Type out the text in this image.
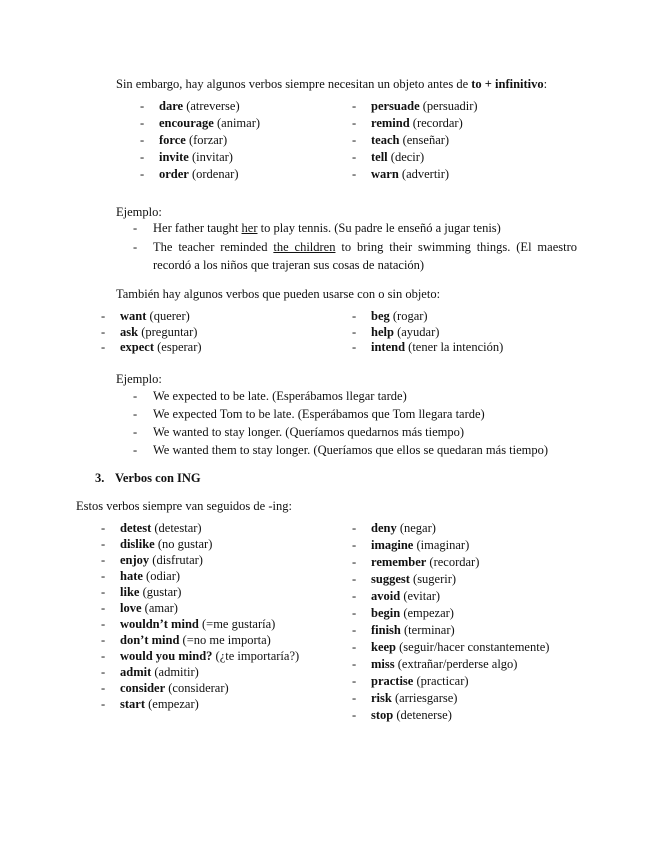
Sin embargo, hay algunos verbos siempre necesitan un objeto antes de to + infinitivo:
- dare (atreverse)
- encourage (animar)
- force (forzar)
- invite (invitar)
- order (ordenar)
- persuade (persuadir)
- remind (recordar)
- teach (enseñar)
- tell (decir)
- warn (advertir)
Ejemplo:
- Her father taught her to play tennis. (Su padre le enseñó a jugar tenis)
- The teacher reminded the children to bring their swimming things. (El maestro recordó a los niños que trajeran sus cosas de natación)
También hay algunos verbos que pueden usarse con o sin objeto:
- want (querer)
- ask (preguntar)
- expect (esperar)
- beg (rogar)
- help (ayudar)
- intend (tener la intención)
Ejemplo:
- We expected to be late. (Esperábamos llegar tarde)
- We expected Tom to be late. (Esperábamos que Tom llegara tarde)
- We wanted to stay longer. (Queríamos quedarnos más tiempo)
- We wanted them to stay longer. (Queríamos que ellos se quedaran más tiempo)
3. Verbos con ING
Estos verbos siempre van seguidos de -ing:
- detest (detestar)
- dislike (no gustar)
- enjoy (disfrutar)
- hate (odiar)
- like (gustar)
- love (amar)
- wouldn’t mind (=me gustaría)
- don’t mind (=no me importa)
- would you mind? (¿te importaría?)
- admit (admitir)
- consider (considerar)
- start (empezar)
- deny (negar)
- imagine (imaginar)
- remember (recordar)
- suggest (sugerir)
- avoid (evitar)
- begin (empezar)
- finish (terminar)
- keep (seguir/hacer constantemente)
- miss (extrañar/perderse algo)
- practise (practicar)
- risk (arriesgarse)
- stop (detenerse)
